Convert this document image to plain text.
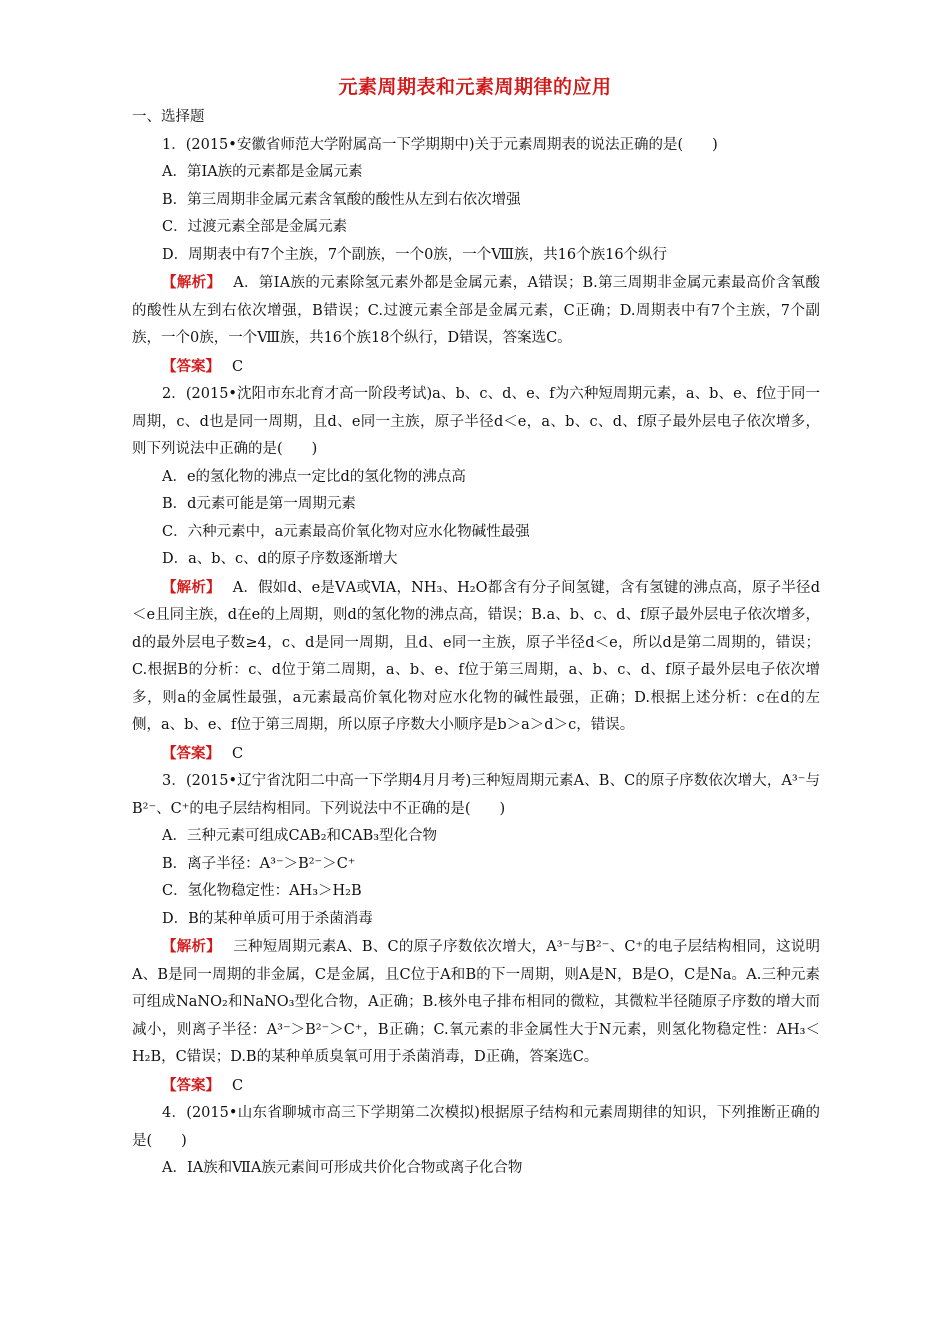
元素周期表和元素周期律的应用

一、选择题

1．(2015•安徽省师范大学附属高一下学期期中)关于元素周期表的说法正确的是(　　)

A．第ⅠA族的元素都是金属元素

B．第三周期非金属元素含氧酸的酸性从左到右依次增强

C．过渡元素全部是金属元素

D．周期表中有7个主族，7个副族，一个0族，一个Ⅷ族，共16个族16个纵行

【解析】 A．第ⅠA族的元素除氢元素外都是金属元素，A错误；B.第三周期非金属元素最高价含氧酸的酸性从左到右依次增强，B错误；C.过渡元素全部是金属元素，C正确；D.周期表中有7个主族，7个副族，一个0族，一个Ⅷ族，共16个族18个纵行，D错误，答案选C。

【答案】 C

2．(2015•沈阳市东北育才高一阶段考试)a、b、c、d、e、f为六种短周期元素，a、b、e、f位于同一周期，c、d也是同一周期，且d、e同一主族，原子半径d＜e，a、b、c、d、f原子最外层电子依次增多，则下列说法中正确的是(　　)

A．e的氢化物的沸点一定比d的氢化物的沸点高

B．d元素可能是第一周期元素

C．六种元素中，a元素最高价氧化物对应水化物碱性最强

D．a、b、c、d的原子序数逐渐增大

【解析】 A．假如d、e是ⅤA或ⅥA，NH₃、H₂O都含有分子间氢键，含有氢键的沸点高，原子半径d＜e且同主族，d在e的上周期，则d的氢化物的沸点高，错误；B.a、b、c、d、f原子最外层电子依次增多，d的最外层电子数≥4，c、d是同一周期，且d、e同一主族，原子半径d＜e，所以d是第二周期的，错误；C.根据B的分析：c、d位于第二周期，a、b、e、f位于第三周期，a、b、c、d、f原子最外层电子依次增多，则a的金属性最强，a元素最高价氧化物对应水化物的碱性最强，正确；D.根据上述分析：c在d的左侧，a、b、e、f位于第三周期，所以原子序数大小顺序是b＞a＞d＞c，错误。

【答案】 C

3．(2015•辽宁省沈阳二中高一下学期4月月考)三种短周期元素A、B、C的原子序数依次增大，A³⁻与B²⁻、C⁺的电子层结构相同。下列说法中不正确的是(　　)

A．三种元素可组成CAB₂和CAB₃型化合物

B．离子半径：A³⁻＞B²⁻＞C⁺

C．氢化物稳定性：AH₃＞H₂B

D．B的某种单质可用于杀菌消毒

【解析】 三种短周期元素A、B、C的原子序数依次增大，A³⁻与B²⁻、C⁺的电子层结构相同，这说明A、B是同一周期的非金属，C是金属，且C位于A和B的下一周期，则A是N，B是O，C是Na。A.三种元素可组成NaNO₂和NaNO₃型化合物，A正确；B.核外电子排布相同的微粒，其微粒半径随原子序数的增大而减小，则离子半径：A³⁻＞B²⁻＞C⁺，B正确；C.氧元素的非金属性大于N元素，则氢化物稳定性：AH₃＜H₂B，C错误；D.B的某种单质臭氧可用于杀菌消毒，D正确，答案选C。

【答案】 C

4．(2015•山东省聊城市高三下学期第二次模拟)根据原子结构和元素周期律的知识，下列推断正确的是(　　)

A．ⅠA族和ⅦA族元素间可形成共价化合物或离子化合物
